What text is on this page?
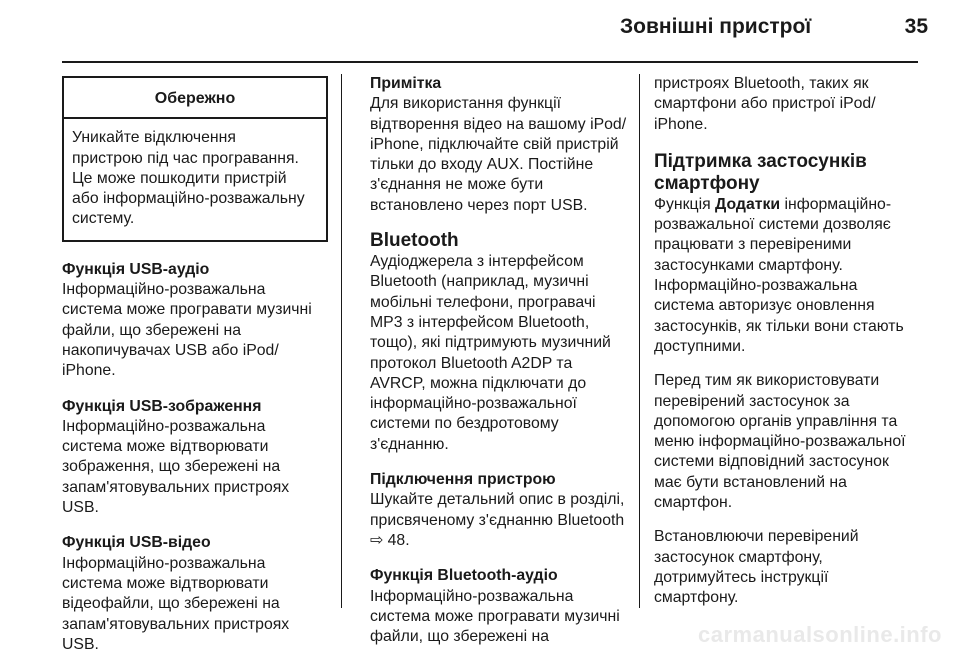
Зовнішні пристрої	35
Обережно
Уникайте відключення
пристрою під час програвання.
Це може пошкодити пристрій
або інформаційно-розважальну
систему.
Функція USB-аудіо
Інформаційно-розважальна
система може програвати музичні
файли, що збережені на
накопичувачах USB або iPod/
iPhone.
Функція USB-зображення
Інформаційно-розважальна
система може відтворювати
зображення, що збережені на
запам'ятовувальних пристроях
USB.
Функція USB-відео
Інформаційно-розважальна
система може відтворювати
відеофайли, що збережені на
запам'ятовувальних пристроях
USB.
Примітка
Для використання функції
відтворення відео на вашому iPod/
iPhone, підключайте свій пристрій
тільки до входу AUX. Постійне
з'єднання не може бути
встановлено через порт USB.
Bluetooth
Аудіоджерела з інтерфейсом
Bluetooth (наприклад, музичні
мобільні телефони, програвачі
MP3 з інтерфейсом Bluetooth,
тощо), які підтримують музичний
протокол Bluetooth A2DP та
AVRCP, можна підключати до
інформаційно-розважальної
системи по бездротовому
з'єднанню.
Підключення пристрою
Шукайте детальний опис в розділі,
присвяченому з'єднанню Bluetooth
⇨ 48.
Функція Bluetooth-аудіо
Інформаційно-розважальна
система може програвати музичні
файли, що збережені на
пристроях Bluetooth, таких як
смартфони або пристрої iPod/
iPhone.
Підтримка застосунків смартфону
Функція Додатки інформаційно-
розважальної системи дозволяє
працювати з перевіреними
застосунками смартфону.
Інформаційно-розважальна
система авторизує оновлення
застосунків, як тільки вони стають
доступними.
Перед тим як використовувати
перевірений застосунок за
допомогою органів управління та
меню інформаційно-розважальної
системи відповідний застосунок
має бути встановлений на
смартфон.
Встановлюючи перевірений
застосунок смартфону,
дотримуйтесь інструкції
смартфону.
carmanualsonline.info
